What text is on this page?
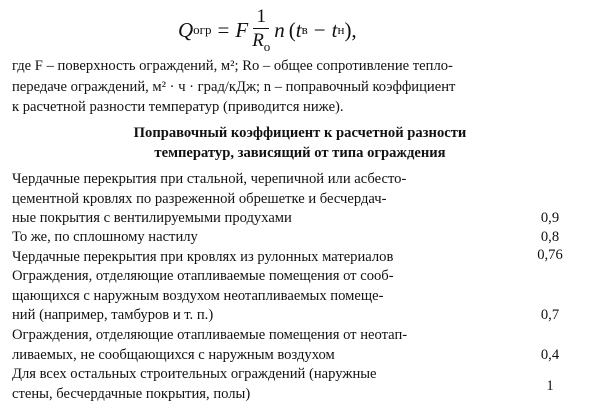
Q огр = F $\frac{1}{R_о}$ n ( t в − t н ),

где F – поверхность ограждений, м²; Rо – общее сопротивление тепло-

передаче ограждений, м² · ч · град/кДж; n – поправочный коэффициент

к расчетной разности температур (приводится ниже).

Поправочный коэффициент к расчетной разности
температур, зависящий от типа ограждения
Чердачные перекрытия при стальной, черепичной или асбесто-
цементной кровлях по разреженной обрешетке и бесчердач-
ные покрытия с вентилируемыми продухами	0,9
То же, по сплошному настилу	0,8
Чердачные перекрытия при кровлях из рулонных материалов	0,76
Ограждения, отделяющие отапливаемые помещения от сооб-
щающихся с наружным воздухом неотапливаемых помеще-
ний (например, тамбуров и т. п.)	0,7
Ограждения, отделяющие отапливаемые помещения от неотап-
ливаемых, не сообщающихся с наружным воздухом	0,4
Для всех остальных строительных ограждений (наружные
стены, бесчердачные покрытия, полы)	1
